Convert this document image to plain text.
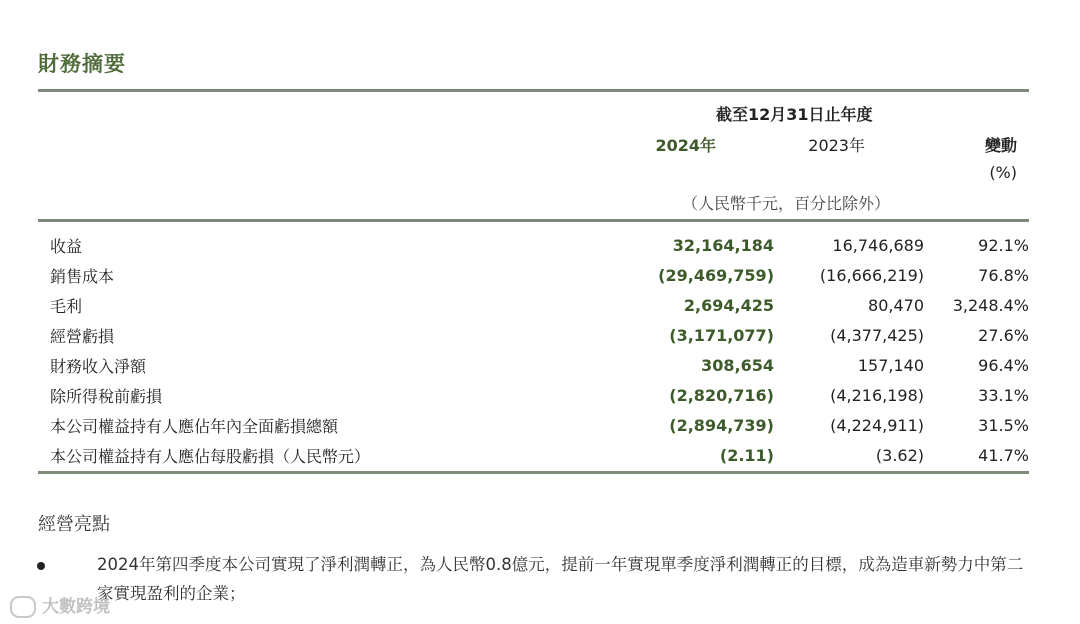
財務摘要
截至12月31日止年度
2024年	2023年	變動
(%)
（人民幣千元，百分比除外）
收益	32,164,184	16,746,689	92.1%
銷售成本	(29,469,759)	(16,666,219)	76.8%
毛利	2,694,425	80,470	3,248.4%
經營虧損	(3,171,077)	(4,377,425)	27.6%
財務收入淨額	308,654	157,140	96.4%
除所得稅前虧損	(2,820,716)	(4,216,198)	33.1%
本公司權益持有人應佔年內全面虧損總額	(2,894,739)	(4,224,911)	31.5%
本公司權益持有人應佔每股虧損（人民幣元）	(2.11)	(3.62)	41.7%
經營亮點
2024年第四季度本公司實現了淨利潤轉正，為人民幣0.8億元，提前一年實現單季度淨利潤轉正的目標，成為造車新勢力中第二家實現盈利的企業；
大數跨境
